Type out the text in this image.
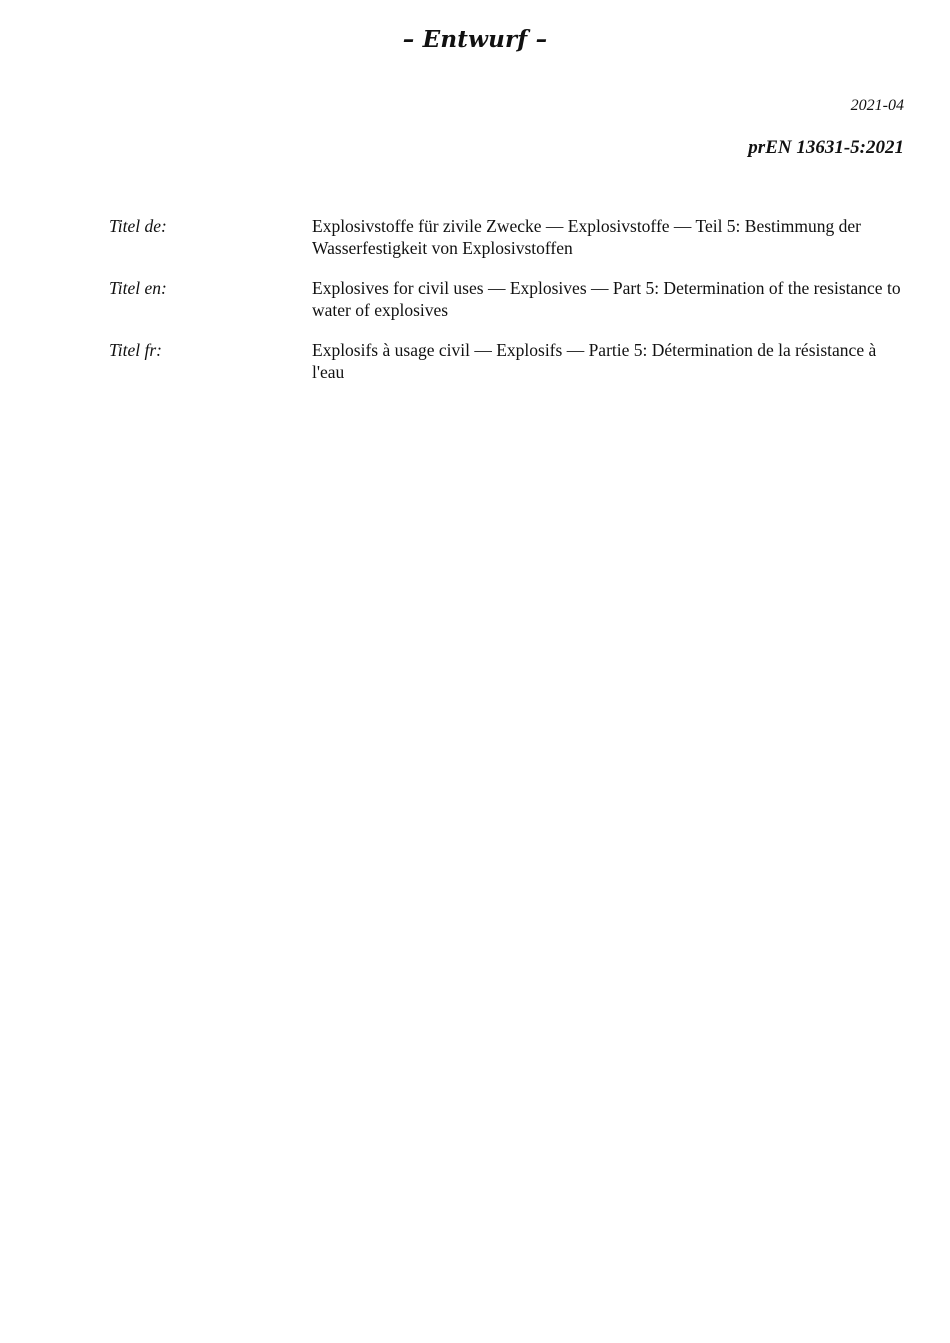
– Entwurf –
2021-04
prEN 13631-5:2021
Titel de:	Explosivstoffe für zivile Zwecke — Explosivstoffe — Teil 5: Bestimmung der Wasserfestigkeit von Explosivstoffen
Titel en:	Explosives for civil uses — Explosives — Part 5: Determination of the resistance to water of explosives
Titel fr:	Explosifs à usage civil — Explosifs — Partie 5: Détermination de la résistance à l'eau
